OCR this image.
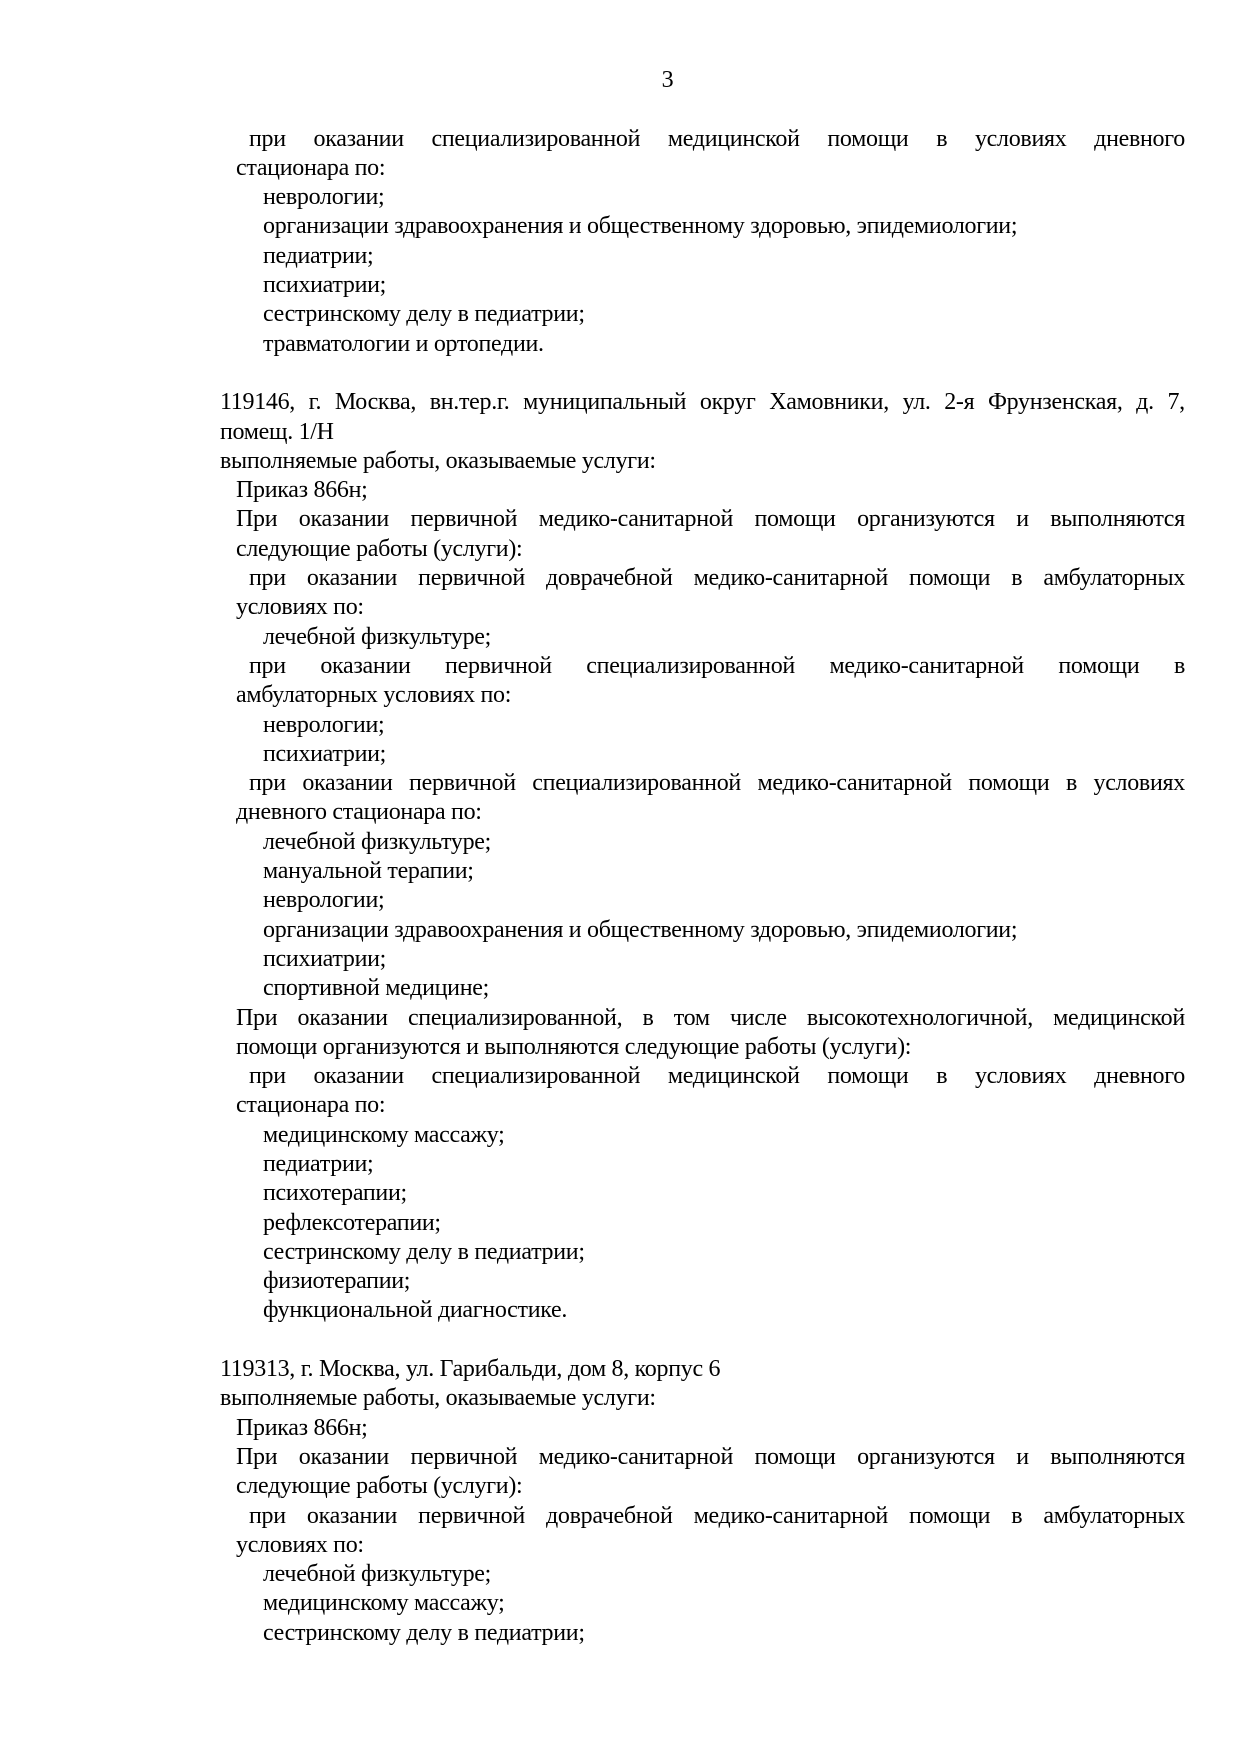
3
при оказании специализированной медицинской помощи в условиях дневного
стационара по:
неврологии;
организации здравоохранения и общественному здоровью, эпидемиологии;
педиатрии;
психиатрии;
сестринскому делу в педиатрии;
травматологии и ортопедии.
119146, г. Москва, вн.тер.г. муниципальный округ Хамовники, ул. 2-я Фрунзенская, д. 7,
помещ. 1/Н
выполняемые работы, оказываемые услуги:
Приказ 866н;
При оказании первичной медико-санитарной помощи организуются и выполняются
следующие работы (услуги):
при оказании первичной доврачебной медико-санитарной помощи в амбулаторных
условиях по:
лечебной физкультуре;
при оказании первичной специализированной медико-санитарной помощи в
амбулаторных условиях по:
неврологии;
психиатрии;
при оказании первичной специализированной медико-санитарной помощи в условиях
дневного стационара по:
лечебной физкультуре;
мануальной терапии;
неврологии;
организации здравоохранения и общественному здоровью, эпидемиологии;
психиатрии;
спортивной медицине;
При оказании специализированной, в том числе высокотехнологичной, медицинской
помощи организуются и выполняются следующие работы (услуги):
при оказании специализированной медицинской помощи в условиях дневного
стационара по:
медицинскому массажу;
педиатрии;
психотерапии;
рефлексотерапии;
сестринскому делу в педиатрии;
физиотерапии;
функциональной диагностике.
119313, г. Москва, ул. Гарибальди, дом 8, корпус 6
выполняемые работы, оказываемые услуги:
Приказ 866н;
При оказании первичной медико-санитарной помощи организуются и выполняются
следующие работы (услуги):
при оказании первичной доврачебной медико-санитарной помощи в амбулаторных
условиях по:
лечебной физкультуре;
медицинскому массажу;
сестринскому делу в педиатрии;
